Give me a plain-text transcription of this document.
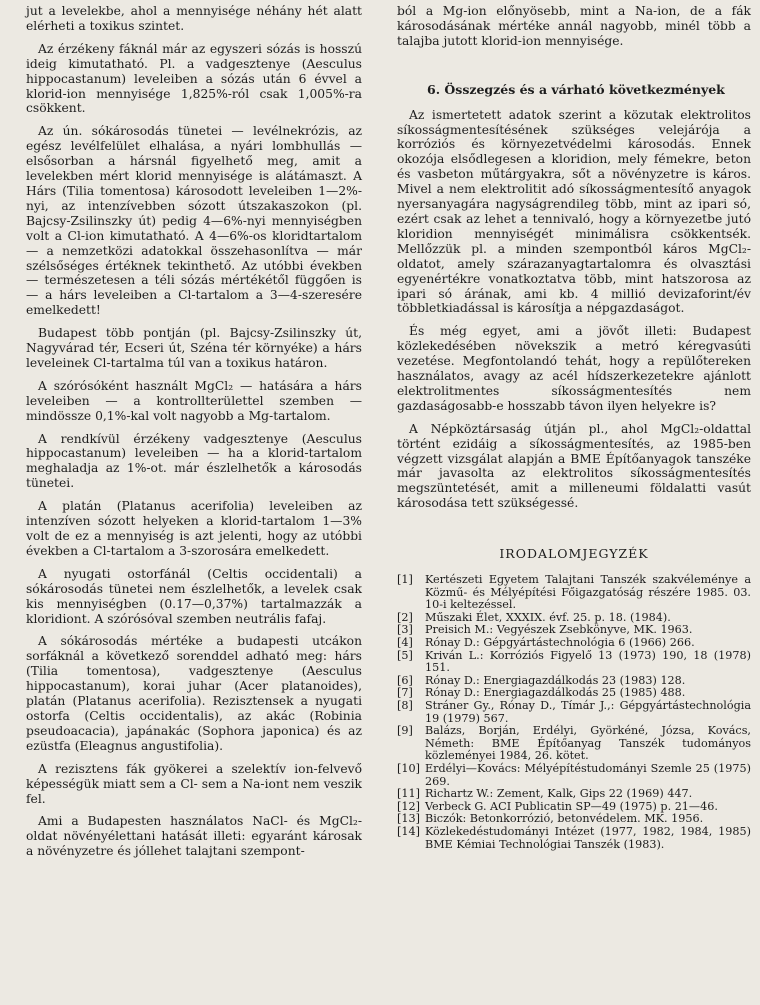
jut a levelekbe, ahol a mennyisége néhány hét alatt elérheti a toxikus szintet.

Az érzékeny fáknál már az egyszeri sózás is hosszú ideig kimutatható. Pl. a vadgesztenye (Aesculus hippocastanum) leveleiben a sózás után 6 évvel a klorid-ion mennyisége 1,825%-ról csak 1,005%-ra csökkent.

Az ún. sókárosodás tünetei — levélnekrózis, az egész levélfelület elhalása, a nyári lombhullás — elsősorban a hársnál figyelhető meg, amit a levelekben mért klorid mennyisége is alátámaszt. A Hárs (Tilia tomentosa) károsodott leveleiben 1—2%-nyi, az intenzívebben sózott útszakaszokon (pl. Bajcsy-Zsilinszky út) pedig 4—6%-nyi mennyiségben volt a Cl-ion kimutatható. A 4—6%-os kloridtartalom — a nemzetközi adatokkal összehasonlítva — már szélsőséges értéknek tekinthető. Az utóbbi években — természetesen a téli sózás mértékétől függően is — a hárs leveleiben a Cl-tartalom a 3—4-szeresére emelkedett!

Budapest több pontján (pl. Bajcsy-Zsilinszky út, Nagyvárad tér, Ecseri út, Széna tér környéke) a hárs leveleinek Cl-tartalma túl van a toxikus határon.

A szórósóként használt MgCl₂ — hatására a hárs leveleiben — a kontrollterülettel szemben — mindössze 0,1%-kal volt nagyobb a Mg-tartalom.

A rendkívül érzékeny vadgesztenye (Aesculus hippocastanum) leveleiben — ha a klorid-tartalom meghaladja az 1%-ot. már észlelhetők a károsodás tünetei.

A platán (Platanus acerifolia) leveleiben az intenzíven sózott helyeken a klorid-tartalom 1—3% volt de ez a mennyiség is azt jelenti, hogy az utóbbi években a Cl-tartalom a 3-szorosára emelkedett.

A nyugati ostorfánál (Celtis occidentali) a sókárosodás tünetei nem észlelhetők, a levelek csak kis mennyiségben (0.17—0,37%) tartalmazzák a kloridiont. A szórósóval szemben neutrális fafaj.

A sókárosodás mértéke a budapesti utcákon sorfáknál a következő sorenddel adható meg: hárs (Tilia tomentosa), vadgesztenye (Aesculus hippocastanum), korai juhar (Acer platanoides), platán (Platanus acerifolia). Rezisztensek a nyugati ostorfa (Celtis occidentalis), az akác (Robinia pseudoacacia), japánakác (Sophora japonica) és az ezüstfa (Eleagnus angustifolia).

A rezisztens fák gyökerei a szelektív ion-felvevő képességük miatt sem a Cl- sem a Na-iont nem veszik fel.

Ami a Budapesten használatos NaCl- és MgCl₂-oldat növényélettani hatását illeti: egyaránt károsak a növényzetre és jóllehet talajtani szempont-

ból a Mg-ion előnyösebb, mint a Na-ion, de a fák károsodásának mértéke annál nagyobb, minél több a talajba jutott klorid-ion mennyisége.

6. Összegzés és a várható következmények

Az ismertetett adatok szerint a közutak elektrolitos síkosságmentesítésének szükséges velejárója a korróziós és környezetvédelmi károsodás. Ennek okozója elsődlegesen a kloridion, mely fémekre, beton és vasbeton műtárgyakra, sőt a növényzetre is káros. Mivel a nem elektrolitit adó síkosságmentesítő anyagok nyersanyagára nagyságrendileg több, mint az ipari só, ezért csak az lehet a tennivaló, hogy a környezetbe jutó kloridion mennyiségét minimálisra csökkentsék. Mellőzzük pl. a minden szempontból káros MgCl₂-oldatot, amely szárazanyagtartalomra és olvasztási egyenértékre vonatkoztatva több, mint hatszorosa az ipari só árának, ami kb. 4 millió devizaforint/év többletkiadással is károsítja a népgazdaságot.

És még egyet, ami a jövőt illeti: Budapest közlekedésében növekszik a metró kéregvasúti vezetése. Megfontolandó tehát, hogy a repülőtereken használatos, avagy az acél hídszerkezetekre ajánlott elektrolitmentes síkosságmentesítés nem gazdaságosabb-e hosszabb távon ilyen helyekre is?

A Népköztársaság útján pl., ahol MgCl₂-oldattal történt ezidáig a síkosságmentesítés, az 1985-ben végzett vizsgálat alapján a BME Építőanyagok tanszéke már javasolta az elektrolitos síkosságmentesítés megszüntetését, amit a milleneumi földalatti vasút károsodása tett szükségessé.

IRODALOMJEGYZÉK
[1]	Kertészeti Egyetem Talajtani Tanszék szakvéleménye a Közmű- és Mélyépítési Főigazgatóság részére 1985. 03. 10-i keltezéssel.
[2]	Műszaki Élet, XXXIX. évf. 25. p. 18. (1984).
[3]	Preisich M.: Vegyészek Zsebkönyve, MK. 1963.
[4]	Rónay D.: Gépgyártástechnológia 6 (1966) 266.
[5]	Kriván L.: Korróziós Figyelő 13 (1973) 190, 18 (1978) 151.
[6]	Rónay D.: Energiagazdálkodás 23 (1983) 128.
[7]	Rónay D.: Energiagazdálkodás 25 (1985) 488.
[8]	Stráner Gy., Rónay D., Tímár J.,: Gépgyártástechnológia 19 (1979) 567.
[9]	Balázs, Borján, Erdélyi, Györkéné, Józsa, Kovács, Németh: BME Építőanyag Tanszék tudományos közleményei 1984, 26. kötet.
[10] Erdélyi—Kovács: Mélyépítéstudományi Szemle 25 (1975) 269.
[11] Richartz W.: Zement, Kalk, Gips 22 (1969) 447.
[12] Verbeck G. ACI Publicatin SP—49 (1975) p. 21—46.
[13] Biczók: Betonkorrózió, betonvédelem. MK. 1956.
[14] Közlekedéstudományi Intézet (1977, 1982, 1984, 1985) BME Kémiai Technológiai Tanszék (1983).
